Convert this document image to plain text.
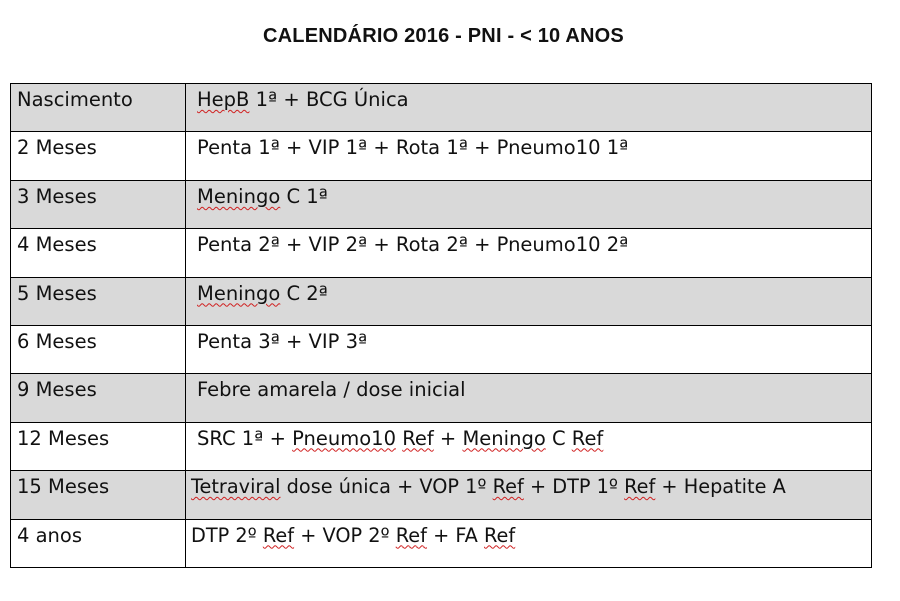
CALENDÁRIO 2016 - PNI - < 10 ANOS
Nascimento	HepB 1ª + BCG Única
2 Meses	Penta 1ª + VIP 1ª + Rota 1ª + Pneumo10 1ª
3 Meses	Meningo C 1ª
4 Meses	Penta 2ª + VIP 2ª + Rota 2ª + Pneumo10 2ª
5 Meses	Meningo C 2ª
6 Meses	Penta 3ª + VIP 3ª
9 Meses	Febre amarela / dose inicial
12 Meses	SRC 1ª + Pneumo10 Ref + Meningo C Ref
15 Meses	Tetraviral dose única + VOP 1º Ref + DTP 1º Ref + Hepatite A
4 anos	DTP 2º Ref + VOP 2º Ref + FA Ref
